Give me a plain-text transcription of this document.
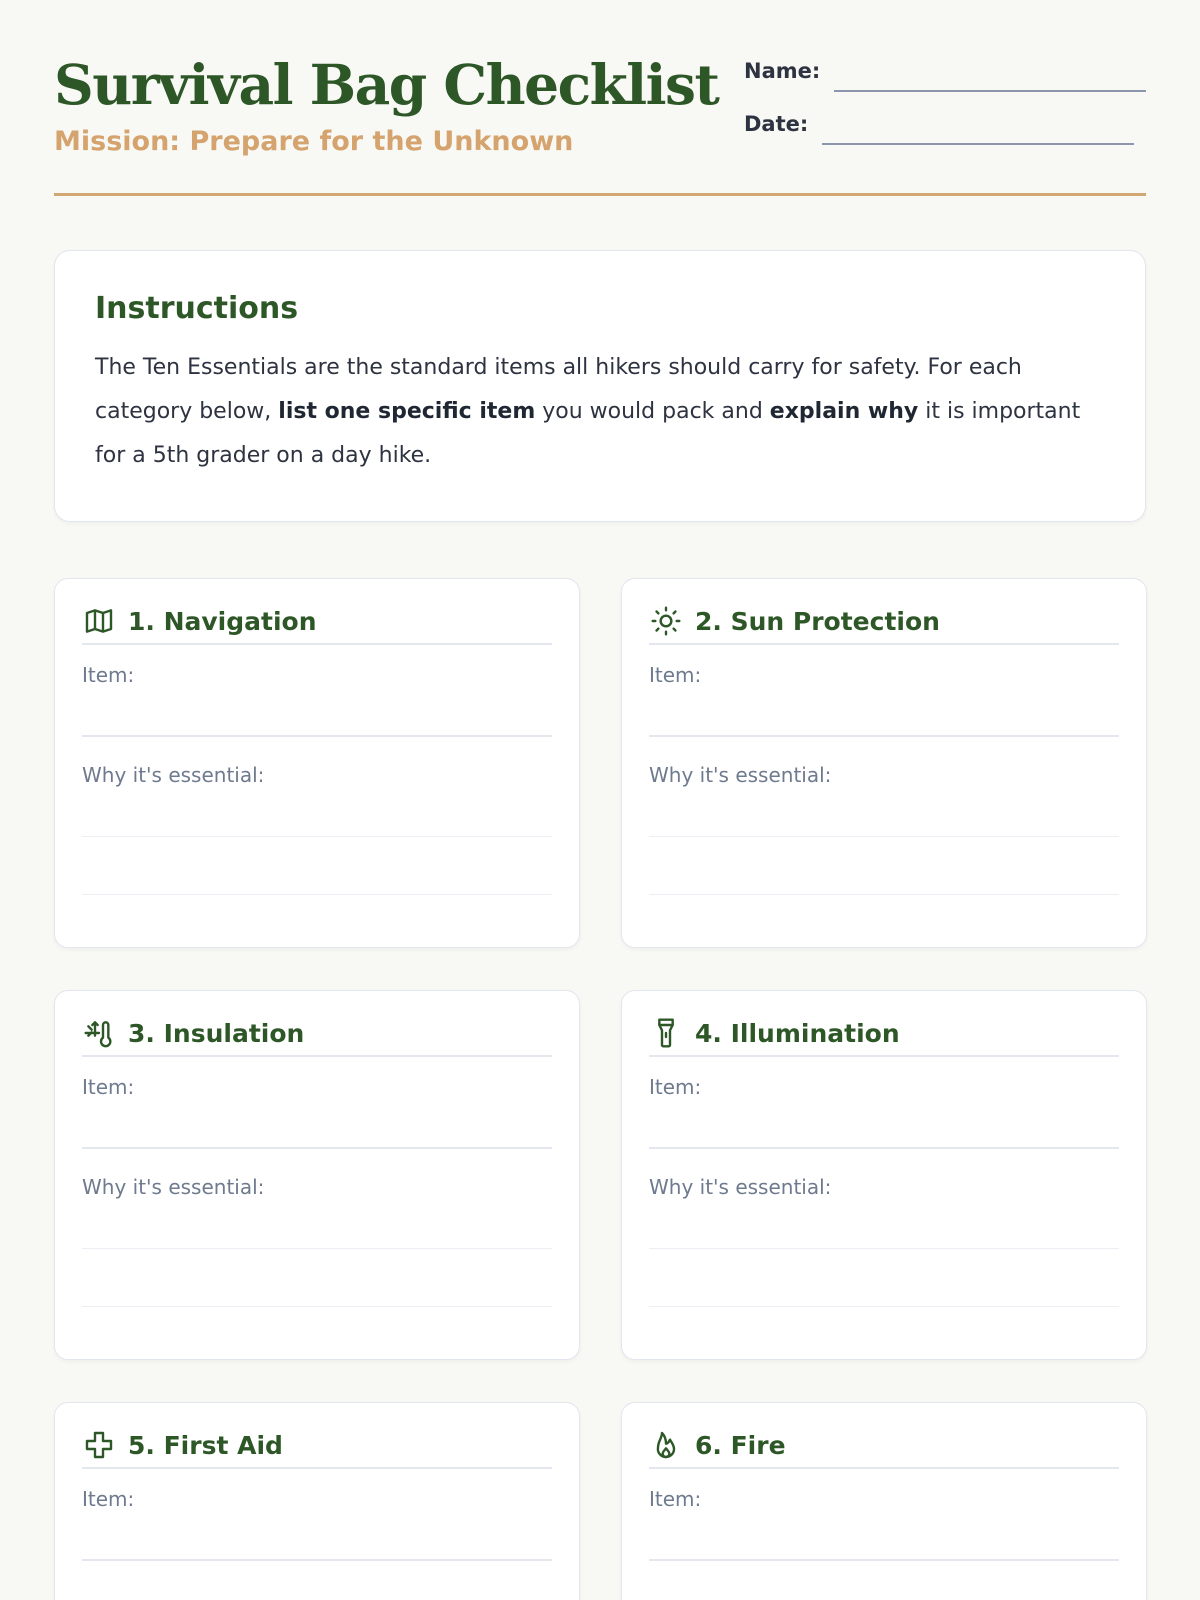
Survival Bag Checklist
Mission: Prepare for the Unknown
Name:
Date:
Instructions

The Ten Essentials are the standard items all hikers should carry for safety. For each category below, list one specific item you would pack and explain why it is important for a 5th grader on a day hike.

1. Navigation
Item:
Why it's essential:
2. Sun Protection
Item:
Why it's essential:
3. Insulation
Item:
Why it's essential:
4. Illumination
Item:
Why it's essential:
5. First Aid
Item:
6. Fire
Item:
